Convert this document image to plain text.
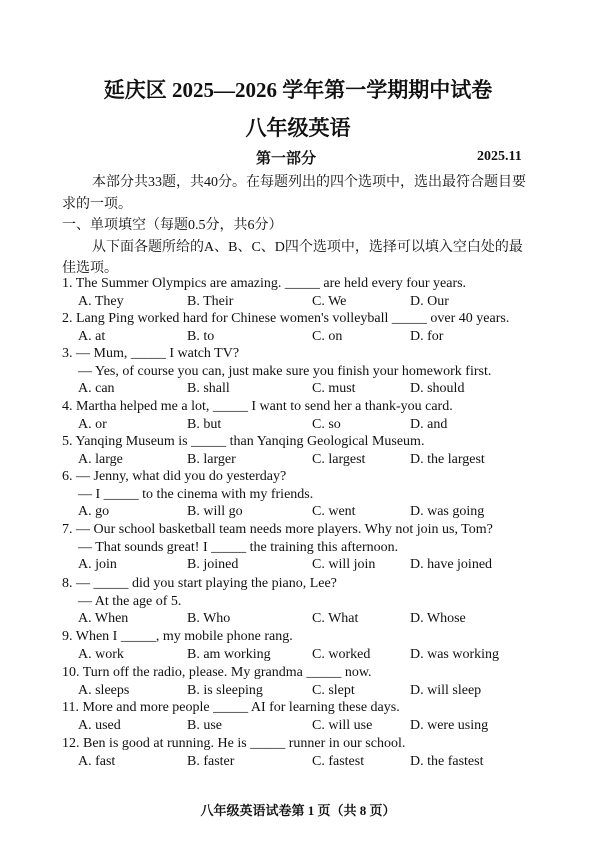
延庆区 2025—2026 学年第一学期期中试卷
八年级英语
第一部分	2025.11
本部分共33题，共40分。在每题列出的四个选项中，选出最符合题目要
求的一项。
一、单项填空（每题0.5分，共6分）
从下面各题所给的A、B、C、D四个选项中，选择可以填入空白处的最
佳选项。
1. The Summer Olympics are amazing. _____ are held every four years.
A. They	B. Their	C. We	D. Our
2. Lang Ping worked hard for Chinese women's volleyball _____ over 40 years.
A. at	B. to	C. on	D. for
3. — Mum, _____ I watch TV?
— Yes, of course you can, just make sure you finish your homework first.
A. can	B. shall	C. must	D. should
4. Martha helped me a lot, _____ I want to send her a thank-you card.
A. or	B. but	C. so	D. and
5. Yanqing Museum is _____ than Yanqing Geological Museum.
A. large	B. larger	C. largest	D. the largest
6. — Jenny, what did you do yesterday?
— I _____ to the cinema with my friends.
A. go	B. will go	C. went	D. was going
7. — Our school basketball team needs more players. Why not join us, Tom?
— That sounds great! I _____ the training this afternoon.
A. join	B. joined	C. will join D. have joined
8. — _____ did you start playing the piano, Lee?
— At the age of 5.
A. When	B. Who	C. What	D. Whose
9. When I _____, my mobile phone rang.
A. work	B. am working	C. worked	D. was working
10. Turn off the radio, please. My grandma _____ now.
A. sleeps	B. is sleeping	C. slept	D. will sleep
11. More and more people _____ AI for learning these days.
A. used	B. use	C. will use	D. were using
12. Ben is good at running. He is _____ runner in our school.
A. fast	B. faster	C. fastest	D. the fastest
八年级英语试卷第 1 页（共 8 页）
